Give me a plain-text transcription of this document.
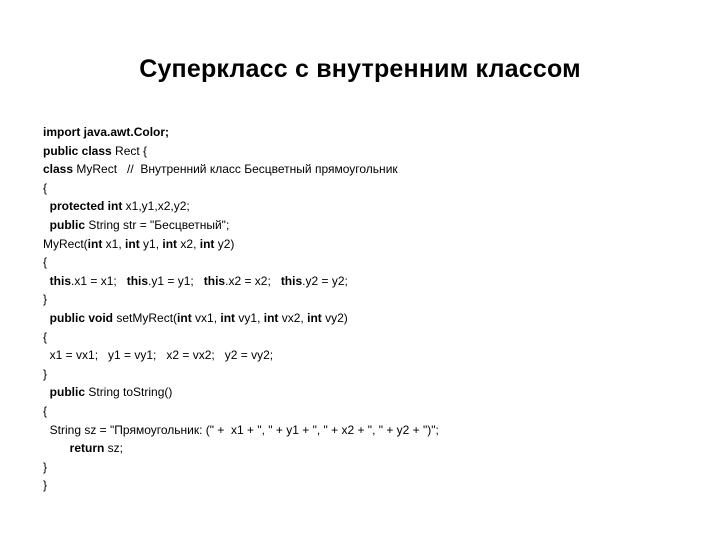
Суперкласс с внутренним классом
import java.awt.Color;
public class Rect {
class MyRect   //  Внутренний класс Бесцветный прямоугольник
{
protected int x1,y1,x2,y2;
public String str = "Бесцветный";
MyRect(int x1, int y1, int x2, int y2)
{
this.x1 = x1;   this.y1 = y1;   this.x2 = x2;   this.y2 = y2;
}
public void setMyRect(int vx1, int vy1, int vx2, int vy2)
{
x1 = vx1;   y1 = vy1;   x2 = vx2;   y2 = vy2;
}
public String toString()
{
String sz = "Прямоугольник: (" +  x1 + ", " + y1 + ", " + x2 + ", " + y2 + ")";
return sz;
}
}
